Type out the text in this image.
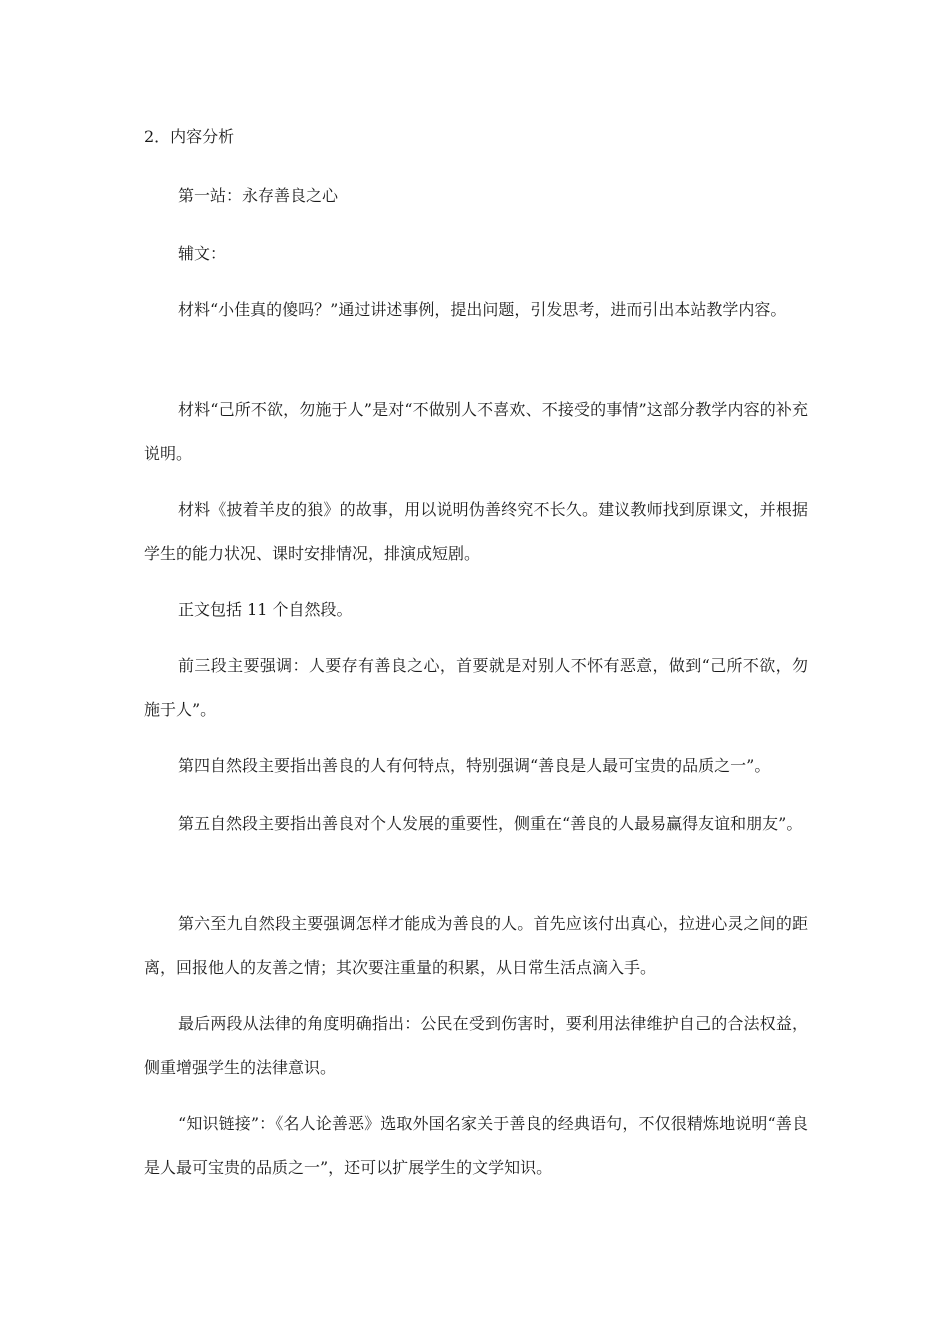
2．内容分析

第一站：永存善良之心

辅文：

材料“小佳真的傻吗？”通过讲述事例，提出问题，引发思考，进而引出本站教学内容。

材料“己所不欲，勿施于人”是对“不做别人不喜欢、不接受的事情”这部分教学内容的补充说明。

材料《披着羊皮的狼》的故事，用以说明伪善终究不长久。建议教师找到原课文，并根据学生的能力状况、课时安排情况，排演成短剧。

正文包括 11 个自然段。

前三段主要强调：人要存有善良之心，首要就是对别人不怀有恶意，做到“己所不欲，勿施于人”。

第四自然段主要指出善良的人有何特点，特别强调“善良是人最可宝贵的品质之一”。

第五自然段主要指出善良对个人发展的重要性，侧重在“善良的人最易赢得友谊和朋友”。

第六至九自然段主要强调怎样才能成为善良的人。首先应该付出真心，拉进心灵之间的距离，回报他人的友善之情；其次要注重量的积累，从日常生活点滴入手。

最后两段从法律的角度明确指出：公民在受到伤害时，要利用法律维护自己的合法权益，侧重增强学生的法律意识。

“知识链接”：《名人论善恶》选取外国名家关于善良的经典语句，不仅很精炼地说明“善良是人最可宝贵的品质之一”，还可以扩展学生的文学知识。
